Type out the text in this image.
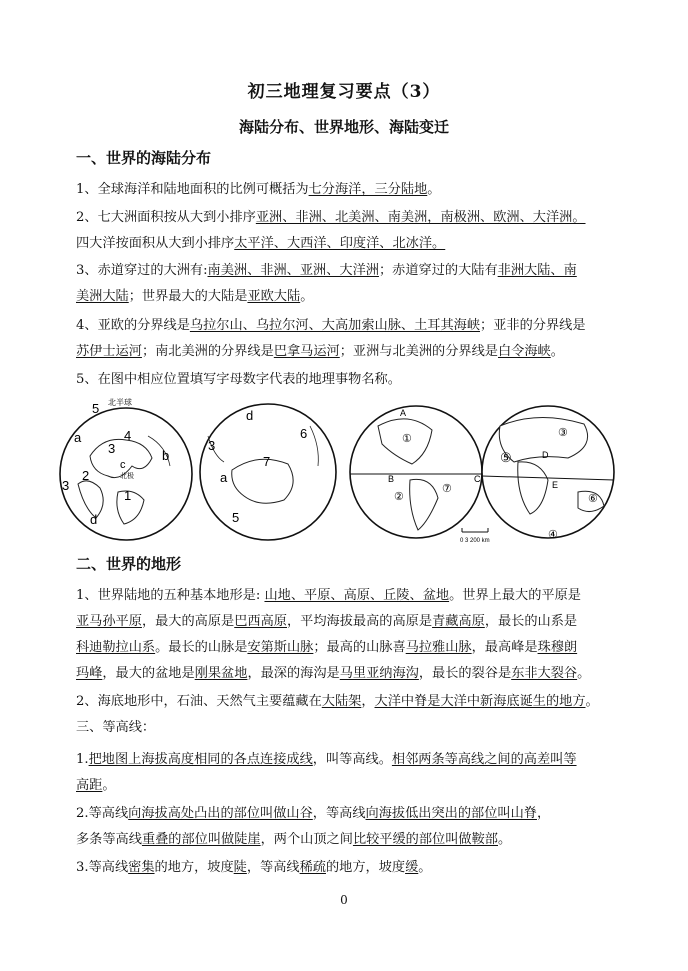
初三地理复习要点（3）
海陆分布、世界地形、海陆变迁
一、世界的海陆分布
1、全球海洋和陆地面积的比例可概括为七分海洋，三分陆地。
2、七大洲面积按从大到小排序亚洲、非洲、北美洲、南美洲，南极洲、欧洲、大洋洲。
四大洋按面积从大到小排序太平洋、大西洋、印度洋、北冰洋。
3、赤道穿过的大洲有:南美洲、非洲、亚洲、大洋洲；赤道穿过的大陆有非洲大陆、南
美洲大陆；世界最大的大陆是亚欧大陆。
4、亚欧的分界线是乌拉尔山、乌拉尔河、大高加索山脉、土耳其海峡；亚非的分界线是
苏伊士运河；南北美洲的分界线是巴拿马运河；亚洲与北美洲的分界线是白令海峡。
5、在图中相应位置填写字母数字代表的地理事物名称。
北半球
5
a	4
3	b
3
2
c
北极
1
d
d
6
3
7
a
5
A
①
B
②
⑦
C
③
⑤	D
E
⑥
④
0 3 200 km
二、世界的地形
1、世界陆地的五种基本地形是: 山地、平原、高原、丘陵、盆地。世界上最大的平原是
亚马孙平原，最大的高原是巴西高原，平均海拔最高的高原是青藏高原，最长的山系是
科迪勒拉山系。最长的山脉是安第斯山脉；最高的山脉喜马拉雅山脉，最高峰是珠穆朗
玛峰，最大的盆地是刚果盆地，最深的海沟是马里亚纳海沟，最长的裂谷是东非大裂谷。
2、海底地形中，石油、天然气主要蕴藏在大陆架，大洋中脊是大洋中新海底诞生的地方。
三、等高线：
1.把地图上海拔高度相同的各点连接成线，叫等高线。相邻两条等高线之间的高差叫等
高距。
2.等高线向海拔高处凸出的部位叫做山谷，等高线向海拔低出突出的部位叫山脊，
多条等高线重叠的部位叫做陡崖，两个山顶之间比较平缓的部位叫做鞍部。
3.等高线密集的地方，坡度陡，等高线稀疏的地方，坡度缓。
0
